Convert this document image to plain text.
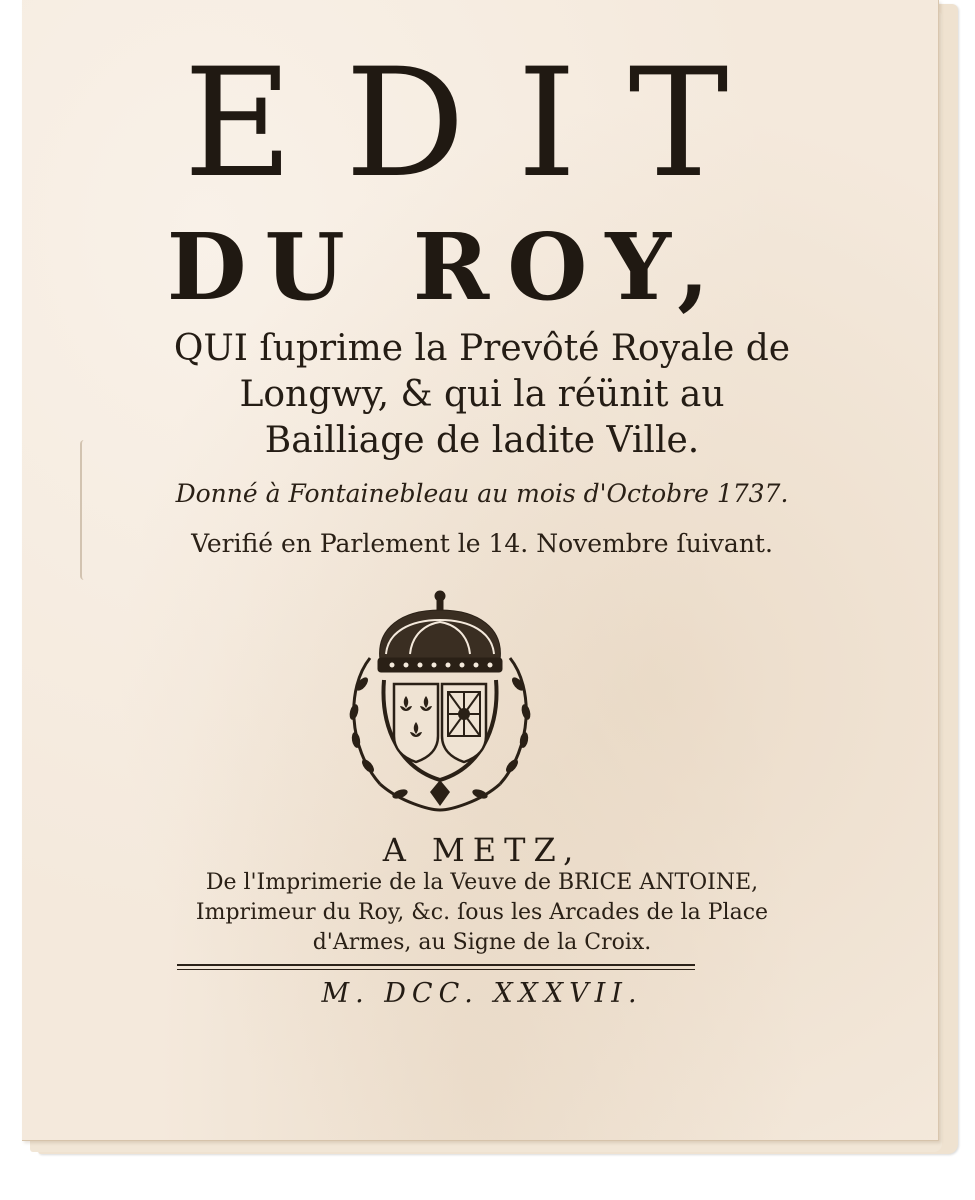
EDIT
DU ROY,
QUI ſuprime la Prevôté Royale de
Longwy, & qui la réünit au
Bailliage de ladite Ville.
Donné à Fontainebleau au mois d'Octobre 1737.
Verifié en Parlement le 14. Novembre ſuivant.
A METZ,
De l'Imprimerie de la Veuve de BRICE ANTOINE,
Imprimeur du Roy, &c. ſous les Arcades de la Place
d'Armes, au Signe de la Croix.
M. DCC. XXXVII.
